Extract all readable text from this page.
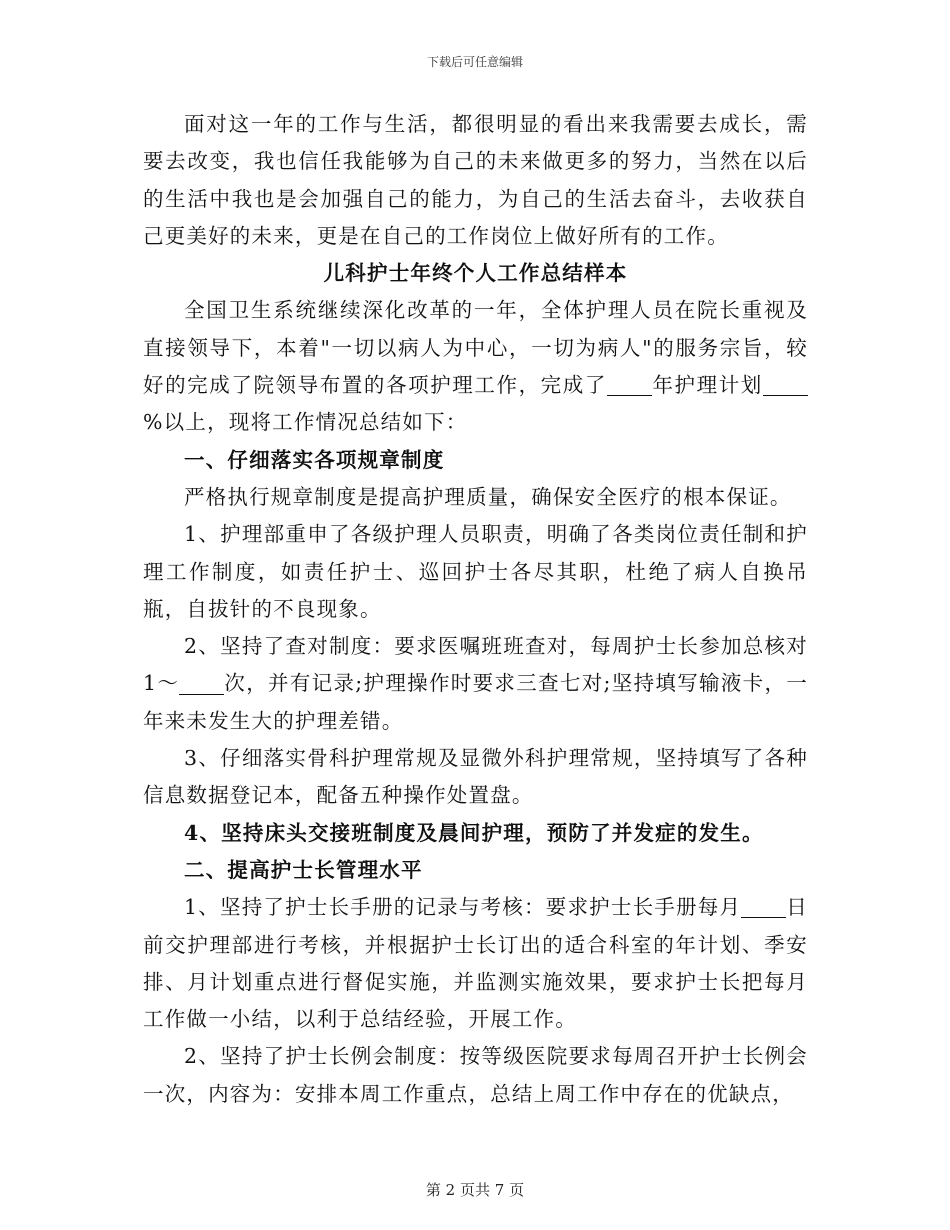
下载后可任意编辑

面对这一年的工作与生活，都很明显的看出来我需要去成长，需要去改变，我也信任我能够为自己的未来做更多的努力，当然在以后的生活中我也是会加强自己的能力，为自己的生活去奋斗，去收获自己更美好的未来，更是在自己的工作岗位上做好所有的工作。

儿科护士年终个人工作总结样本

全国卫生系统继续深化改革的一年，全体护理人员在院长重视及直接领导下，本着"一切以病人为中心，一切为病人"的服务宗旨，较好的完成了院领导布置的各项护理工作，完成了 年护理计划%以上，现将工作情况总结如下：

一、仔细落实各项规章制度

严格执行规章制度是提高护理质量，确保安全医疗的根本保证。

1、护理部重申了各级护理人员职责，明确了各类岗位责任制和护理工作制度，如责任护士、巡回护士各尽其职，杜绝了病人自换吊瓶，自拔针的不良现象。

2、坚持了查对制度：要求医嘱班班查对，每周护士长参加总核对1～ 次，并有记录;护理操作时要求三查七对;坚持填写输液卡，一年来未发生大的护理差错。

3、仔细落实骨科护理常规及显微外科护理常规，坚持填写了各种信息数据登记本，配备五种操作处置盘。

4、坚持床头交接班制度及晨间护理，预防了并发症的发生。

二、提高护士长管理水平

1、坚持了护士长手册的记录与考核：要求护士长手册每月 日前交护理部进行考核，并根据护士长订出的适合科室的年计划、季安排、月计划重点进行督促实施，并监测实施效果，要求护士长把每月工作做一小结，以利于总结经验，开展工作。

2、坚持了护士长例会制度：按等级医院要求每周召开护士长例会一次，内容为：安排本周工作重点，总结上周工作中存在的优缺点，

第 2 页共 7 页
